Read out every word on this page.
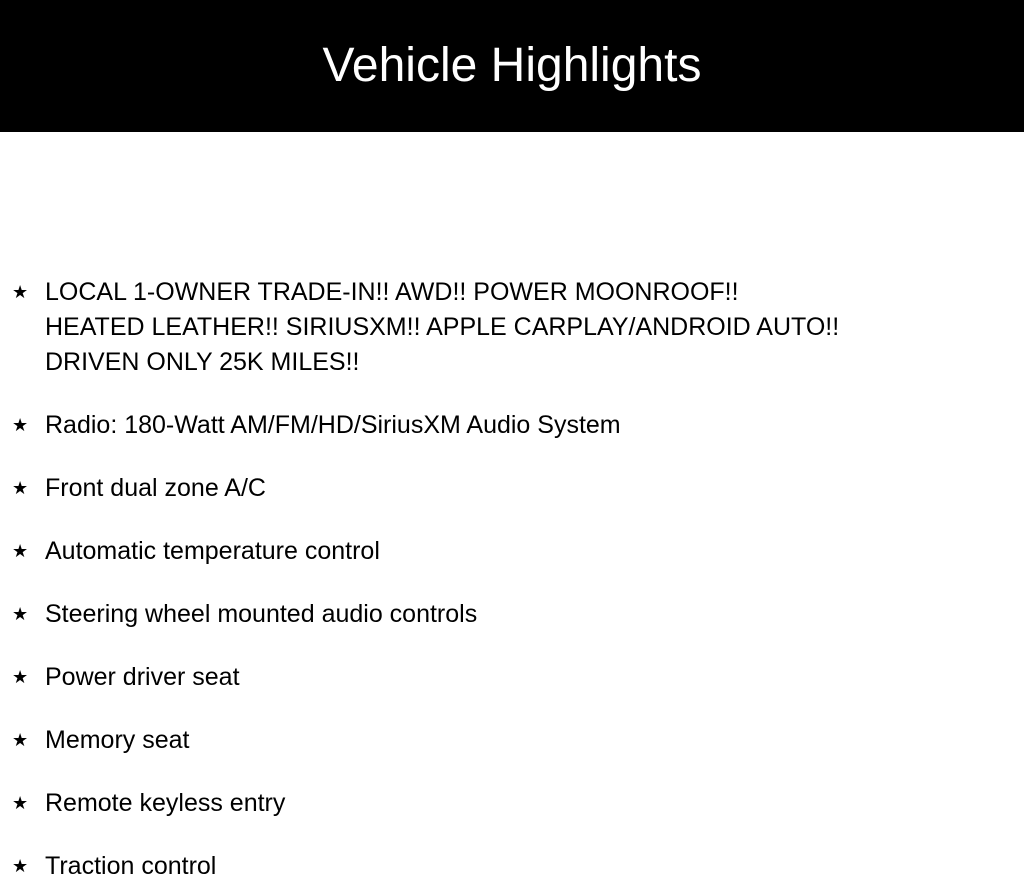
Vehicle Highlights
★ LOCAL 1-OWNER TRADE-IN!! AWD!! POWER MOONROOF!!
HEATED LEATHER!! SIRIUSXM!! APPLE CARPLAY/ANDROID AUTO!!
DRIVEN ONLY 25K MILES!!
★ Radio: 180-Watt AM/FM/HD/SiriusXM Audio System
★ Front dual zone A/C
★ Automatic temperature control
★ Steering wheel mounted audio controls
★ Power driver seat
★ Memory seat
★ Remote keyless entry
★ Traction control
